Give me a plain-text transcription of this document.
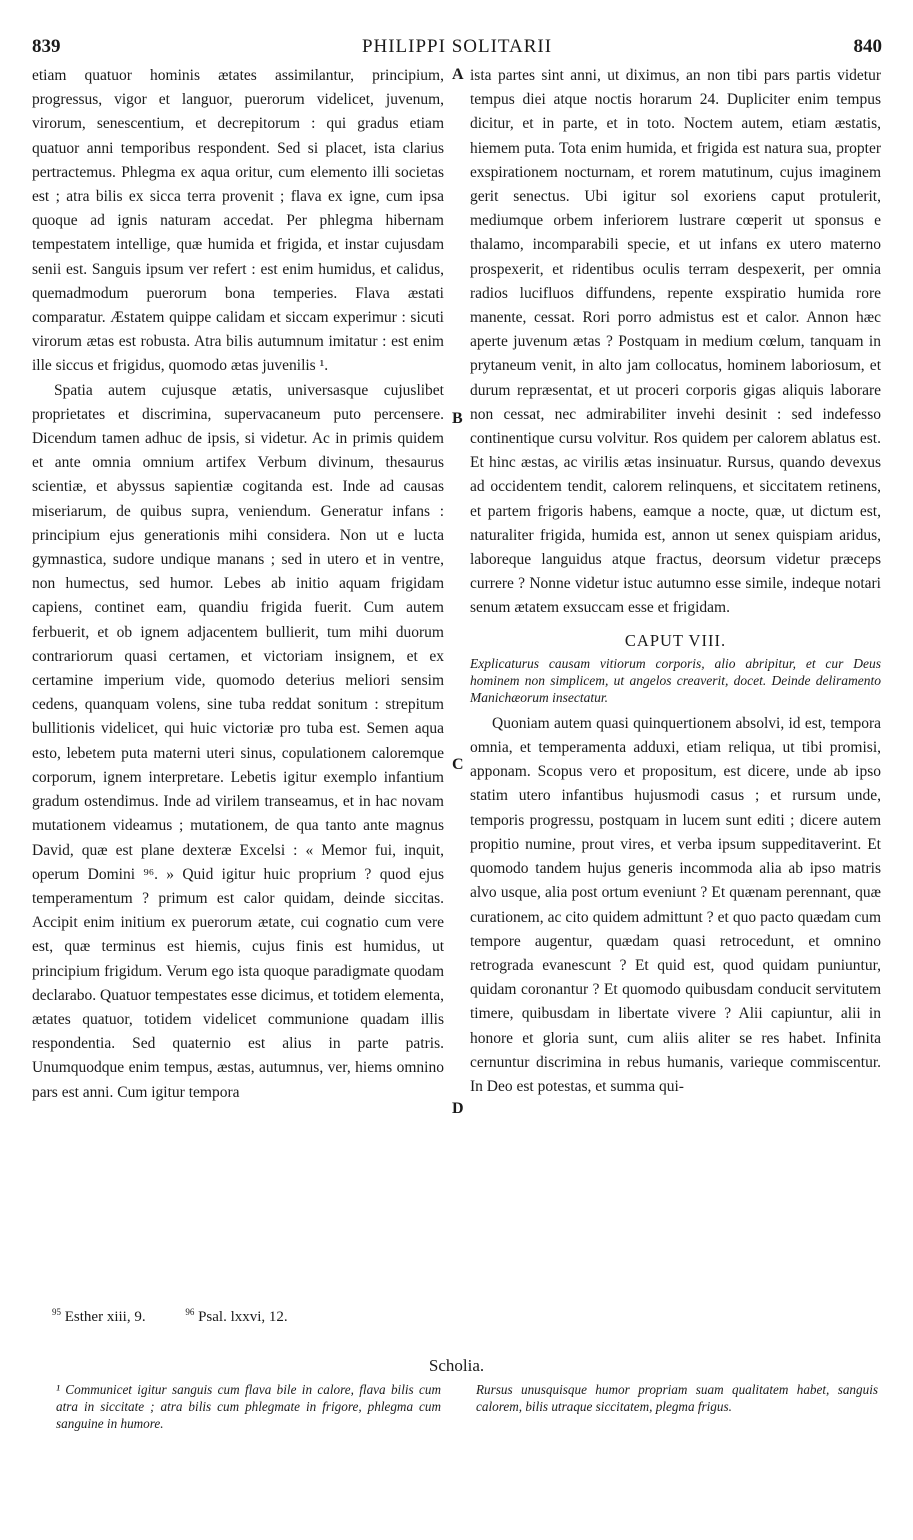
839	PHILIPPI SOLITARII	840
A
B
C
D

etiam quatuor hominis ætates assimilantur, principium, progressus, vigor et languor, puerorum videlicet, juvenum, virorum, senescentium, et decrepitorum : qui gradus etiam quatuor anni temporibus respondent. Sed si placet, ista clarius pertractemus. Phlegma ex aqua oritur, cum elemento illi societas est ; atra bilis ex sicca terra provenit ; flava ex igne, cum ipsa quoque ad ignis naturam accedat. Per phlegma hibernam tempestatem intellige, quæ humida et frigida, et instar cujusdam senii est. Sanguis ipsum ver refert : est enim humidus, et calidus, quemadmodum puerorum bona temperies. Flava æstati comparatur. Æstatem quippe calidam et siccam experimur : sicuti virorum ætas est robusta. Atra bilis autumnum imitatur : est enim ille siccus et frigidus, quomodo ætas juvenilis ¹.

Spatia autem cujusque ætatis, universasque cujuslibet proprietates et discrimina, supervacaneum puto percensere. Dicendum tamen adhuc de ipsis, si videtur. Ac in primis quidem et ante omnia omnium artifex Verbum divinum, thesaurus scientiæ, et abyssus sapientiæ cogitanda est. Inde ad causas miseriarum, de quibus supra, veniendum. Generatur infans : principium ejus generationis mihi considera. Non ut e lucta gymnastica, sudore undique manans ; sed in utero et in ventre, non humectus, sed humor. Lebes ab initio aquam frigidam capiens, continet eam, quandiu frigida fuerit. Cum autem ferbuerit, et ob ignem adjacentem bullierit, tum mihi duorum contrariorum quasi certamen, et victoriam insignem, et ex certamine imperium vide, quomodo deterius meliori sensim cedens, quanquam volens, sine tuba reddat sonitum : strepitum bullitionis videlicet, qui huic victoriæ pro tuba est. Semen aqua esto, lebetem puta materni uteri sinus, copulationem caloremque corporum, ignem interpretare. Lebetis igitur exemplo infantium gradum ostendimus. Inde ad virilem transeamus, et in hac novam mutationem videamus ; mutationem, de qua tanto ante magnus David, quæ est plane dexteræ Excelsi : « Memor fui, inquit, operum Domini ⁹⁶. » Quid igitur huic proprium ? quod ejus temperamentum ? primum est calor quidam, deinde siccitas. Accipit enim initium ex puerorum ætate, cui cognatio cum vere est, quæ terminus est hiemis, cujus finis est humidus, ut principium frigidum. Verum ego ista quoque paradigmate quodam declarabo. Quatuor tempestates esse dicimus, et totidem elementa, ætates quatuor, totidem videlicet communione quadam illis respondentia. Sed quaternio est alius in parte patris. Unumquodque enim tempus, æstas, autumnus, ver, hiems omnino pars est anni. Cum igitur tempora

ista partes sint anni, ut diximus, an non tibi pars partis videtur tempus diei atque noctis horarum 24. Dupliciter enim tempus dicitur, et in parte, et in toto. Noctem autem, etiam æstatis, hiemem puta. Tota enim humida, et frigida est natura sua, propter exspirationem nocturnam, et rorem matutinum, cujus imaginem gerit senectus. Ubi igitur sol exoriens caput protulerit, mediumque orbem inferiorem lustrare cœperit ut sponsus e thalamo, incomparabili specie, et ut infans ex utero materno prospexerit, et ridentibus oculis terram despexerit, per omnia radios lucifluos diffundens, repente exspiratio humida rore manente, cessat. Rori porro admistus est et calor. Annon hæc aperte juvenum ætas ? Postquam in medium cœlum, tanquam in prytaneum venit, in alto jam collocatus, hominem laboriosum, et durum repræsentat, et ut proceri corporis gigas aliquis laborare non cessat, nec admirabiliter invehi desinit : sed indefesso continentique cursu volvitur. Ros quidem per calorem ablatus est. Et hinc æstas, ac virilis ætas insinuatur. Rursus, quando devexus ad occidentem tendit, calorem relinquens, et siccitatem retinens, et partem frigoris habens, eamque a nocte, quæ, ut dictum est, naturaliter frigida, humida est, annon ut senex quispiam aridus, laboreque languidus atque fractus, deorsum videtur præceps currere ? Nonne videtur istuc autumno esse simile, indeque notari senum ætatem exsuccam esse et frigidam.

CAPUT VIII.

Explicaturus causam vitiorum corporis, alio abripitur, et cur Deus hominem non simplicem, ut angelos creaverit, docet. Deinde deliramento Manichæorum insectatur.

Quoniam autem quasi quinquertionem absolvi, id est, tempora omnia, et temperamenta adduxi, etiam reliqua, ut tibi promisi, apponam. Scopus vero et propositum, est dicere, unde ab ipso statim utero infantibus hujusmodi casus ; et rursum unde, temporis progressu, postquam in lucem sunt editi ; dicere autem propitio numine, prout vires, et verba ipsum suppeditaverint. Et quomodo tandem hujus generis incommoda alia ab ipso matris alvo usque, alia post ortum eveniunt ? Et quænam perennant, quæ curationem, ac cito quidem admittunt ? et quo pacto quædam cum tempore augentur, quædam quasi retrocedunt, et omnino retrograda evanescunt ? Et quid est, quod quidam puniuntur, quidam coronantur ? Et quomodo quibusdam conducit servitutem timere, quibusdam in libertate vivere ? Alii capiuntur, alii in honore et gloria sunt, cum aliis aliter se res habet. Infinita cernuntur discrimina in rebus humanis, varieque commiscentur. In Deo est potestas, et summa qui-

$^{95}$ Esther xiii, 9.	$^{96}$ Psal. lxxvi, 12.
Scholia.

¹ Communicet igitur sanguis cum flava bile in calore, flava bilis cum atra in siccitate ; atra bilis cum phlegmate in frigore, phlegma cum sanguine in humore.

Rursus unusquisque humor propriam suam qualitatem habet, sanguis calorem, bilis utraque siccitatem, plegma frigus.
